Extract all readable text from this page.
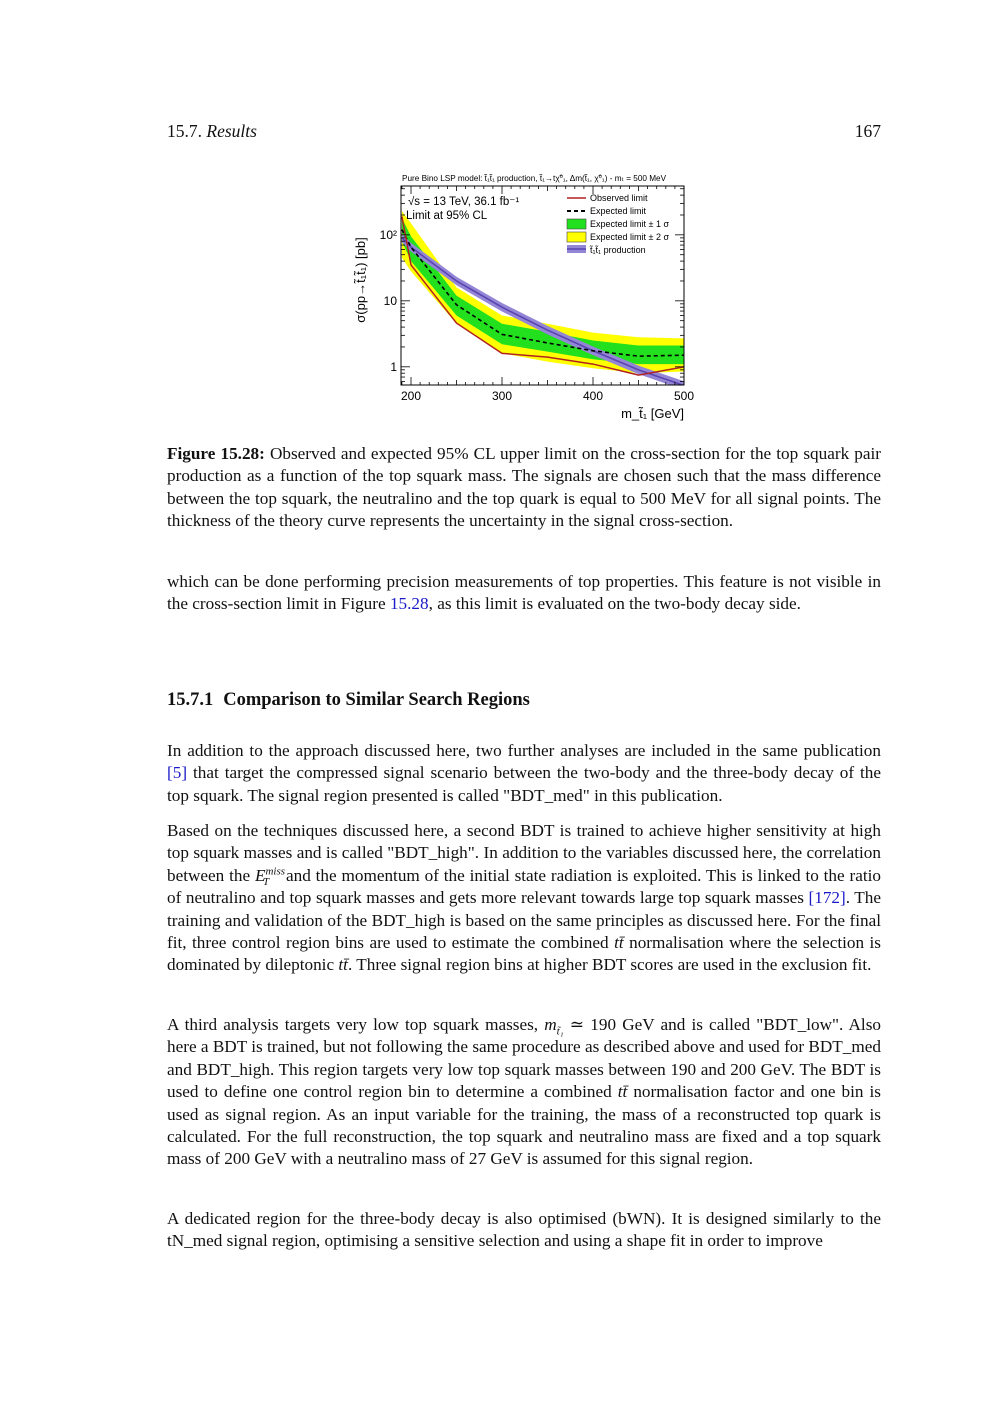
15.7. Results	167
Pure Bino LSP model: t̃₁t̃₁ production, t̃₁→tχ̃⁰₁, Δm(t̃₁, χ̃⁰₁) - mₜ = 500 MeV
σ(pp→t̃₁t̃₁) [pb]
200	300	400	500
1
10
10²
√s = 13 TeV, 36.1 fb⁻¹
Limit at 95% CL
Observed limit
Expected limit
Expected limit ± 1 σ
Expected limit ± 2 σ
t̃₁t̃₁ production
m_t̃₁ [GeV]

Figure 15.28: Observed and expected 95% CL upper limit on the cross-section for the top squark pair production as a function of the top squark mass. The signals are chosen such that the mass difference between the top squark, the neutralino and the top quark is equal to 500 MeV for all signal points. The thickness of the theory curve represents the uncertainty in the signal cross-section.

which can be done performing precision measurements of top properties. This feature is not visible in the cross-section limit in Figure 15.28, as this limit is evaluated on the two-body decay side.

15.7.1 Comparison to Similar Search Regions

In addition to the approach discussed here, two further analyses are included in the same publication [5] that target the compressed signal scenario between the two-body and the three-body decay of the top squark. The signal region presented is called "BDT_med" in this publication.

Based on the techniques discussed here, a second BDT is trained to achieve higher sensitivity at high top squark masses and is called "BDT_high". In addition to the variables discussed here, the correlation between the $E^{miss}_T$ and the momentum of the initial state radiation is exploited. This is linked to the ratio of neutralino and top squark masses and gets more relevant towards large top squark masses [172]. The training and validation of the BDT_high is based on the same principles as discussed here. For the final fit, three control region bins are used to estimate the combined tt̄ normalisation where the selection is dominated by dileptonic tt̄. Three signal region bins at higher BDT scores are used in the exclusion fit.

A third analysis targets very low top squark masses, $m_{t̃_1}$ ≃ 190 GeV and is called "BDT_low". Also here a BDT is trained, but not following the same procedure as described above and used for BDT_med and BDT_high. This region targets very low top squark masses between 190 and 200 GeV. The BDT is used to define one control region bin to determine a combined tt̄ normalisation factor and one bin is used as signal region. As an input variable for the training, the mass of a reconstructed top quark is calculated. For the full reconstruction, the top squark and neutralino mass are fixed and a top squark mass of 200 GeV with a neutralino mass of 27 GeV is assumed for this signal region.

A dedicated region for the three-body decay is also optimised (bWN). It is designed similarly to the tN_med signal region, optimising a sensitive selection and using a shape fit in order to improve
